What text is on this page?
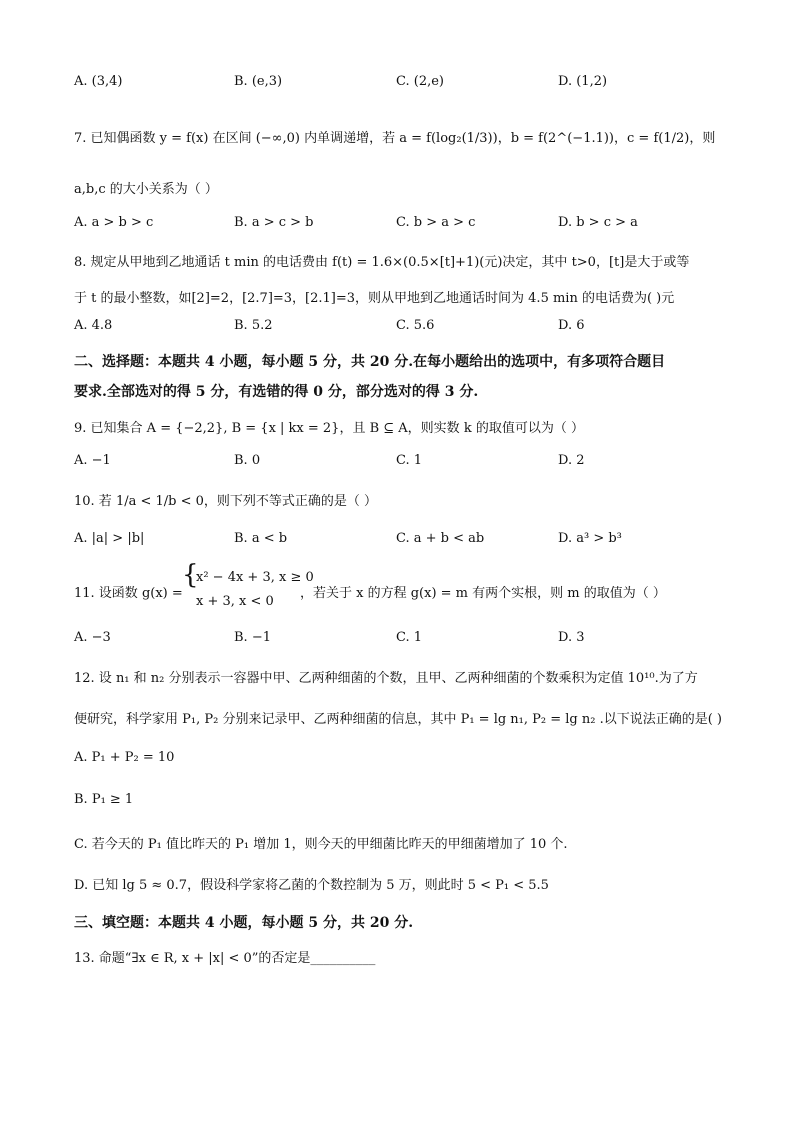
A. (3,4)	B. (e,3)	C. (2,e)	D. (1,2)
7. 已知偶函数 y = f(x) 在区间 (−∞,0) 内单调递增，若 a = f(log₂(1/3))，b = f(2^(−1.1))，c = f(1/2)，则
a,b,c 的大小关系为（ ）
A. a > b > c	B. a > c > b	C. b > a > c	D. b > c > a
8. 规定从甲地到乙地通话 t min 的电话费由 f(t) = 1.6×(0.5×[t]+1)(元)决定，其中 t>0，[t]是大于或等
于 t 的最小整数，如[2]=2，[2.7]=3，[2.1]=3，则从甲地到乙地通话时间为 4.5 min 的电话费为( )元
A. 4.8	B. 5.2	C. 5.6	D. 6
二、选择题：本题共 4 小题，每小题 5 分，共 20 分.在每小题给出的选项中，有多项符合题目
要求.全部选对的得 5 分，有选错的得 0 分，部分选对的得 3 分.
9. 已知集合 A = {−2,2}, B = {x | kx = 2}，且 B ⊆ A，则实数 k 的取值可以为（ ）
A. −1	B. 0	C. 1	D. 2
10. 若 1/a < 1/b < 0，则下列不等式正确的是（ ）
A. |a| > |b|	B. a < b	C. a + b < ab	D. a³ > b³
11. 设函数 g(x) =
{
x² − 4x + 3, x ≥ 0
x + 3, x < 0
，若关于 x 的方程 g(x) = m 有两个实根，则 m 的取值为（ ）
A. −3	B. −1	C. 1	D. 3
12. 设 n₁ 和 n₂ 分别表示一容器中甲、乙两种细菌的个数，且甲、乙两种细菌的个数乘积为定值 10¹⁰.为了方
便研究，科学家用 P₁, P₂ 分别来记录甲、乙两种细菌的信息，其中 P₁ = lg n₁, P₂ = lg n₂ .以下说法正确的是( )
A. P₁ + P₂ = 10
B. P₁ ≥ 1
C. 若今天的 P₁ 值比昨天的 P₁ 增加 1，则今天的甲细菌比昨天的甲细菌增加了 10 个.
D. 已知 lg 5 ≈ 0.7，假设科学家将乙菌的个数控制为 5 万，则此时 5 < P₁ < 5.5
三、填空题：本题共 4 小题，每小题 5 分，共 20 分.
13. 命题“∃x ∈ R, x + |x| < 0”的否定是__________
